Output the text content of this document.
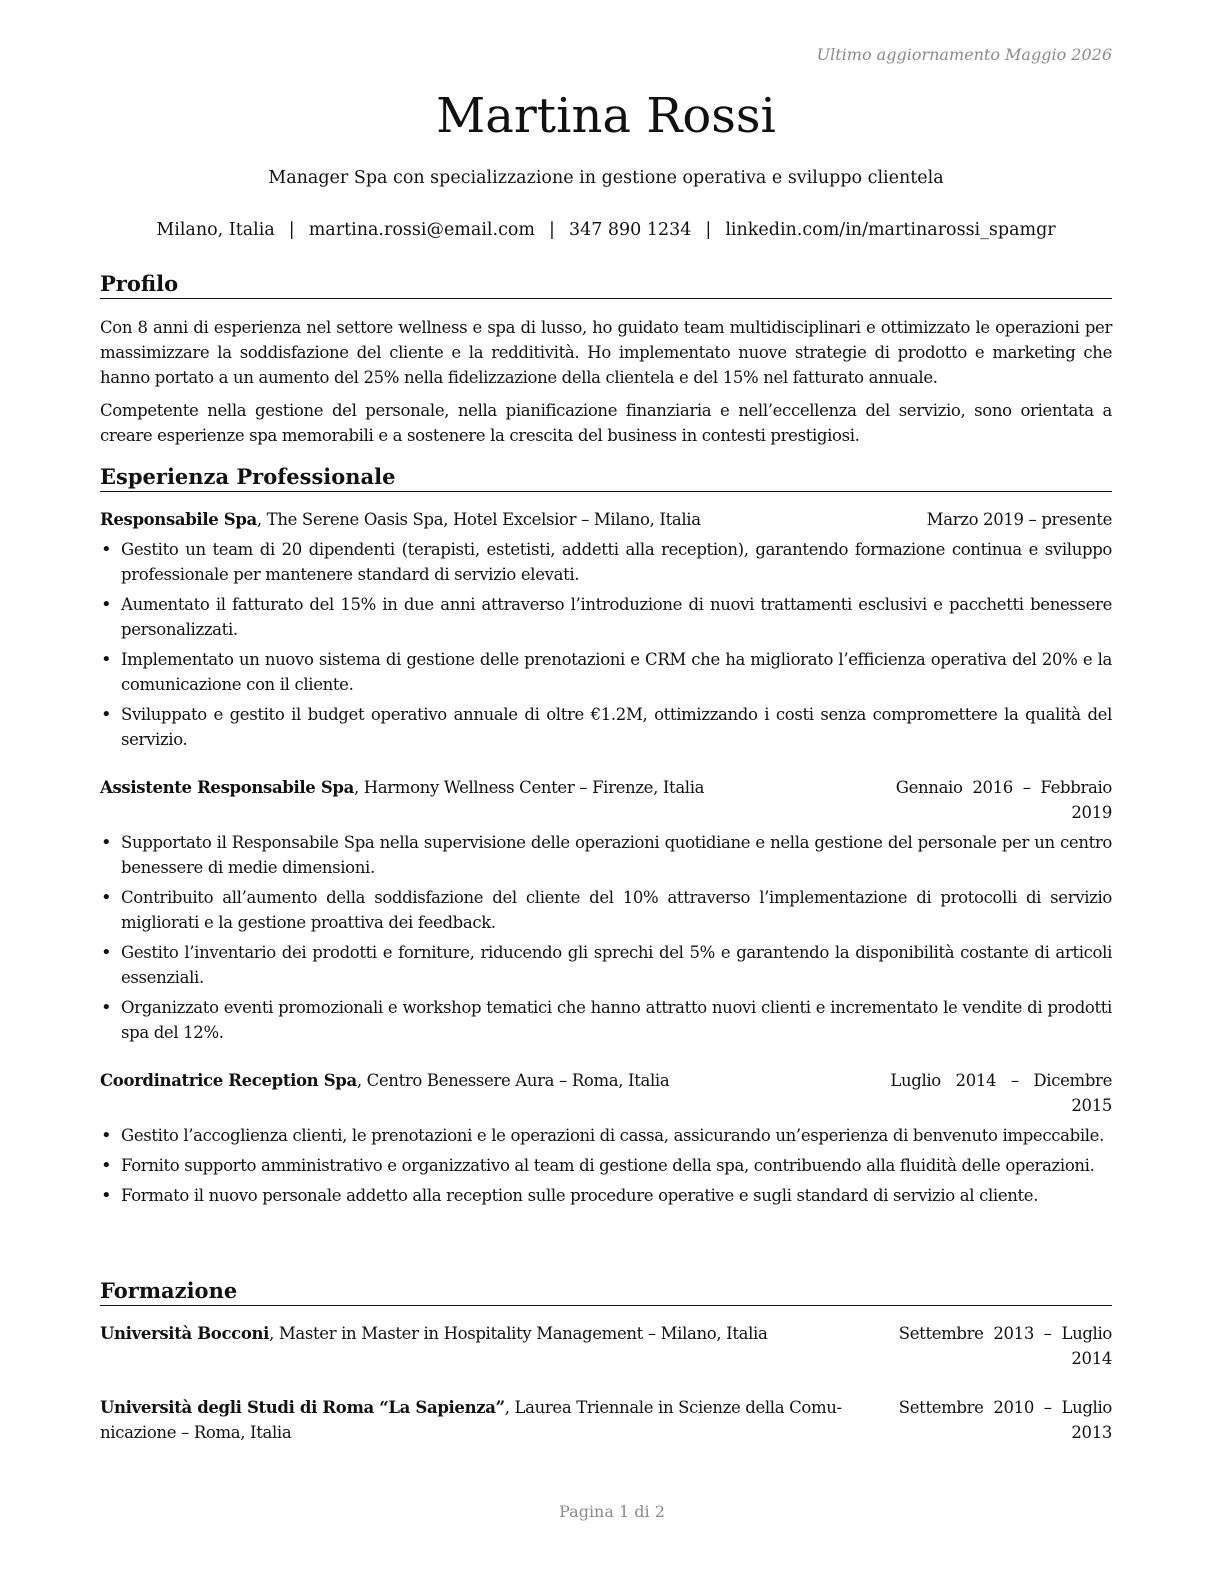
Ultimo aggiornamento Maggio 2026
Martina Rossi
Manager Spa con specializzazione in gestione operativa e sviluppo clientela
Milano, Italia | martina.rossi@email.com | 347 890 1234 | linkedin.com/in/martinarossi_spamgr
Profilo

Con 8 anni di esperienza nel settore wellness e spa di lusso, ho guidato team multidisciplinari e ottimizzato le operazioni per massimizzare la soddisfazione del cliente e la redditività. Ho implementato nuove strategie di prodotto e marketing che hanno portato a un aumento del 25% nella fidelizzazione della clientela e del 15% nel fatturato annuale.

Competente nella gestione del personale, nella pianificazione finanziaria e nell’eccellenza del servizio, sono orientata a creare esperienze spa memorabili e a sostenere la crescita del business in contesti prestigiosi.

Esperienza Professionale
Responsabile Spa, The Serene Oasis Spa, Hotel Excelsior – Milano, Italia	Marzo 2019 – presente
• Gestito un team di 20 dipendenti (terapisti, estetisti, addetti alla reception), garantendo formazione continua e sviluppo professionale per mantenere standard di servizio elevati.
• Aumentato il fatturato del 15% in due anni attraverso l’introduzione di nuovi trattamenti esclusivi e pacchetti benessere personalizzati.
• Implementato un nuovo sistema di gestione delle prenotazioni e CRM che ha migliorato l’efficienza operativa del 20% e la comunicazione con il cliente.
• Sviluppato e gestito il budget operativo annuale di oltre €1.2M, ottimizzando i costi senza compromettere la qualità del servizio.
Assistente Responsabile Spa, Harmony Wellness Center – Firenze, Italia	Gennaio  2016  –  Febbraio
2019
• Supportato il Responsabile Spa nella supervisione delle operazioni quotidiane e nella gestione del personale per un centro benessere di medie dimensioni.
• Contribuito all’aumento della soddisfazione del cliente del 10% attraverso l’implementazione di protocolli di servizio migliorati e la gestione proattiva dei feedback.
• Gestito l’inventario dei prodotti e forniture, riducendo gli sprechi del 5% e garantendo la disponibilità costante di articoli essenziali.
• Organizzato eventi promozionali e workshop tematici che hanno attratto nuovi clienti e incrementato le vendite di prodotti spa del 12%.
Coordinatrice Reception Spa, Centro Benessere Aura – Roma, Italia	Luglio   2014   –   Dicembre
2015
• Gestito l’accoglienza clienti, le prenotazioni e le operazioni di cassa, assicurando un’esperienza di benvenuto impeccabile.
• Fornito supporto amministrativo e organizzativo al team di gestione della spa, contribuendo alla fluidità delle operazioni.
• Formato il nuovo personale addetto alla reception sulle procedure operative e sugli standard di servizio al cliente.
Formazione
Università Bocconi, Master in Master in Hospitality Management – Milano, Italia	Settembre  2013  –  Luglio
2014
Università degli Studi di Roma “La Sapienza”, Laurea Triennale in Scienze della Comu-
nicazione – Roma, Italia
Settembre  2010  –  Luglio
2013
Pagina 1 di 2
